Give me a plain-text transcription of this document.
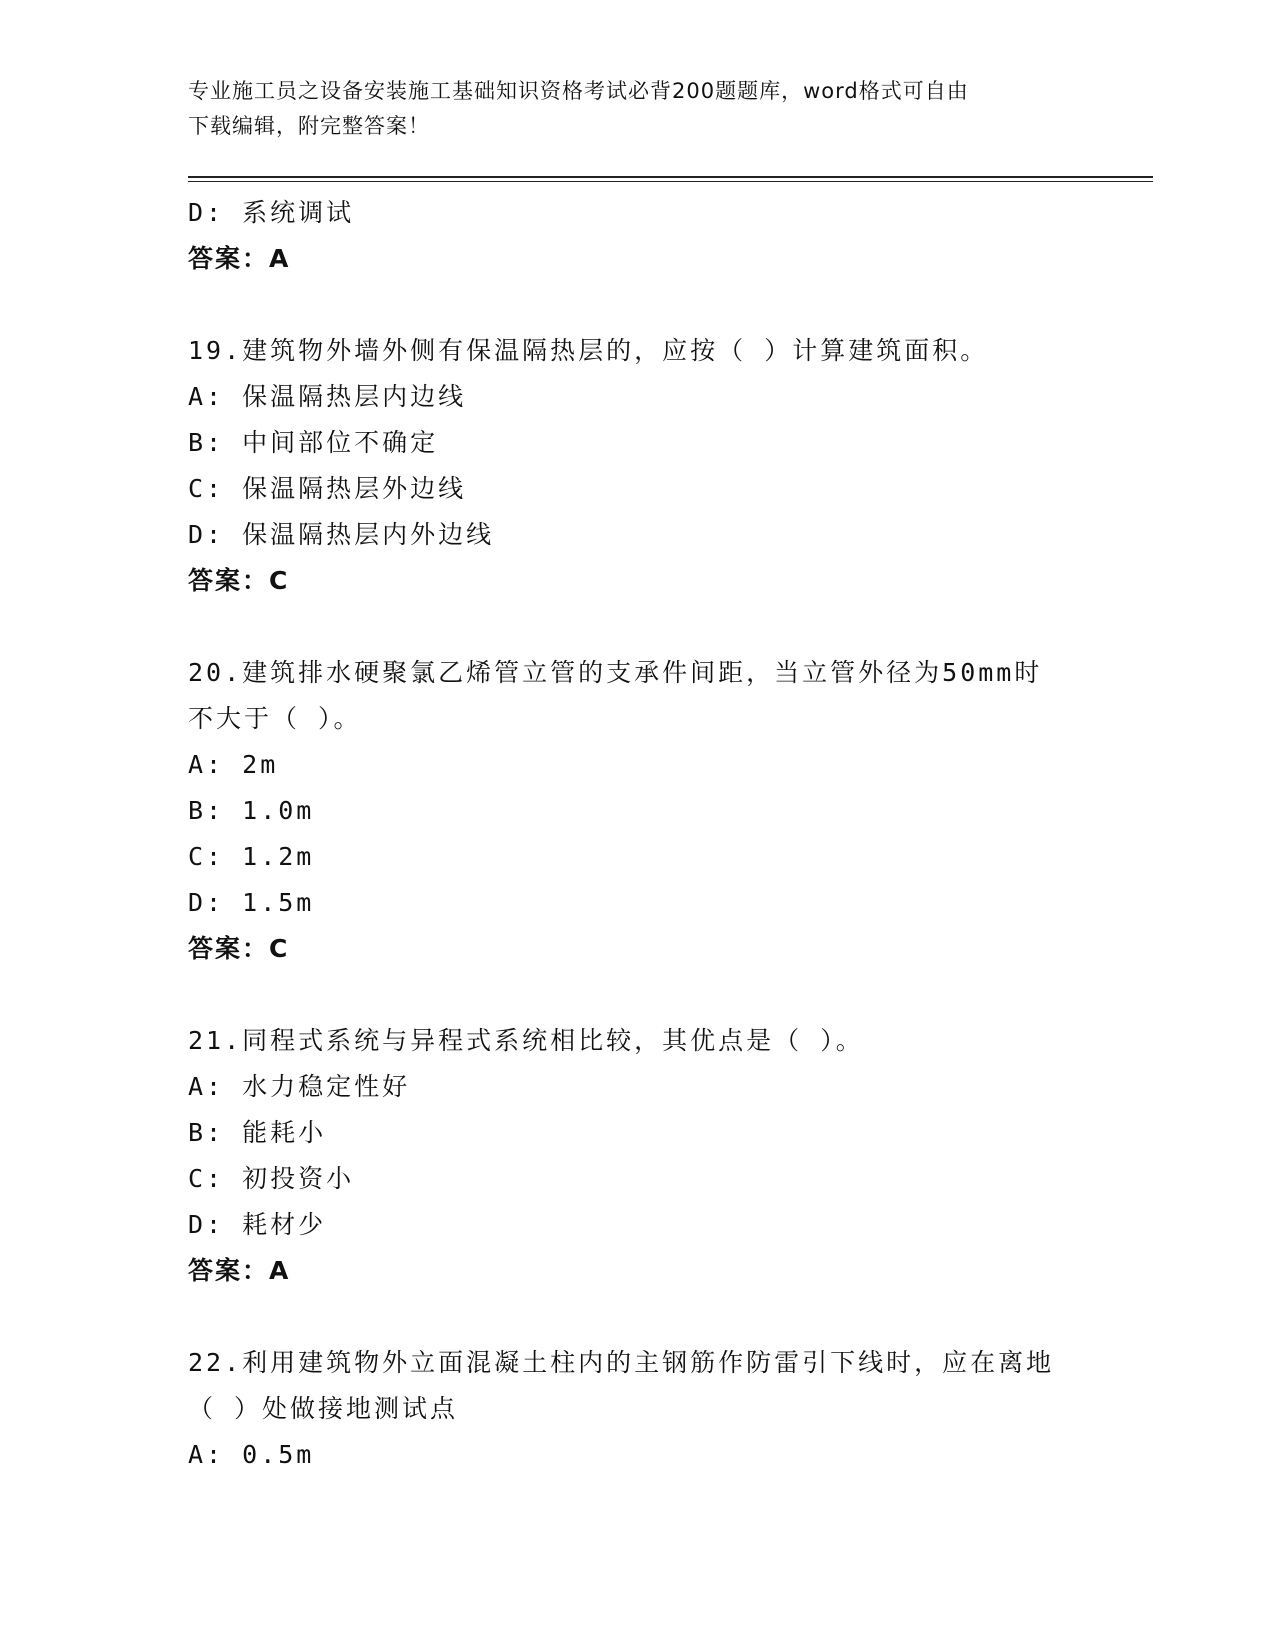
专业施工员之设备安装施工基础知识资格考试必背200题题库，word格式可自由
下载编辑，附完整答案！
D: 系统调试
答案：A
19.建筑物外墙外侧有保温隔热层的，应按（ ）计算建筑面积。
A: 保温隔热层内边线
B: 中间部位不确定
C: 保温隔热层外边线
D: 保温隔热层内外边线
答案：C
20.建筑排水硬聚氯乙烯管立管的支承件间距，当立管外径为50mm时
不大于（ ）。
A: 2m
B: 1.0m
C: 1.2m
D: 1.5m
答案：C
21.同程式系统与异程式系统相比较，其优点是（ ）。
A: 水力稳定性好
B: 能耗小
C: 初投资小
D: 耗材少
答案：A
22.利用建筑物外立面混凝土柱内的主钢筋作防雷引下线时，应在离地
（ ）处做接地测试点
A: 0.5m
